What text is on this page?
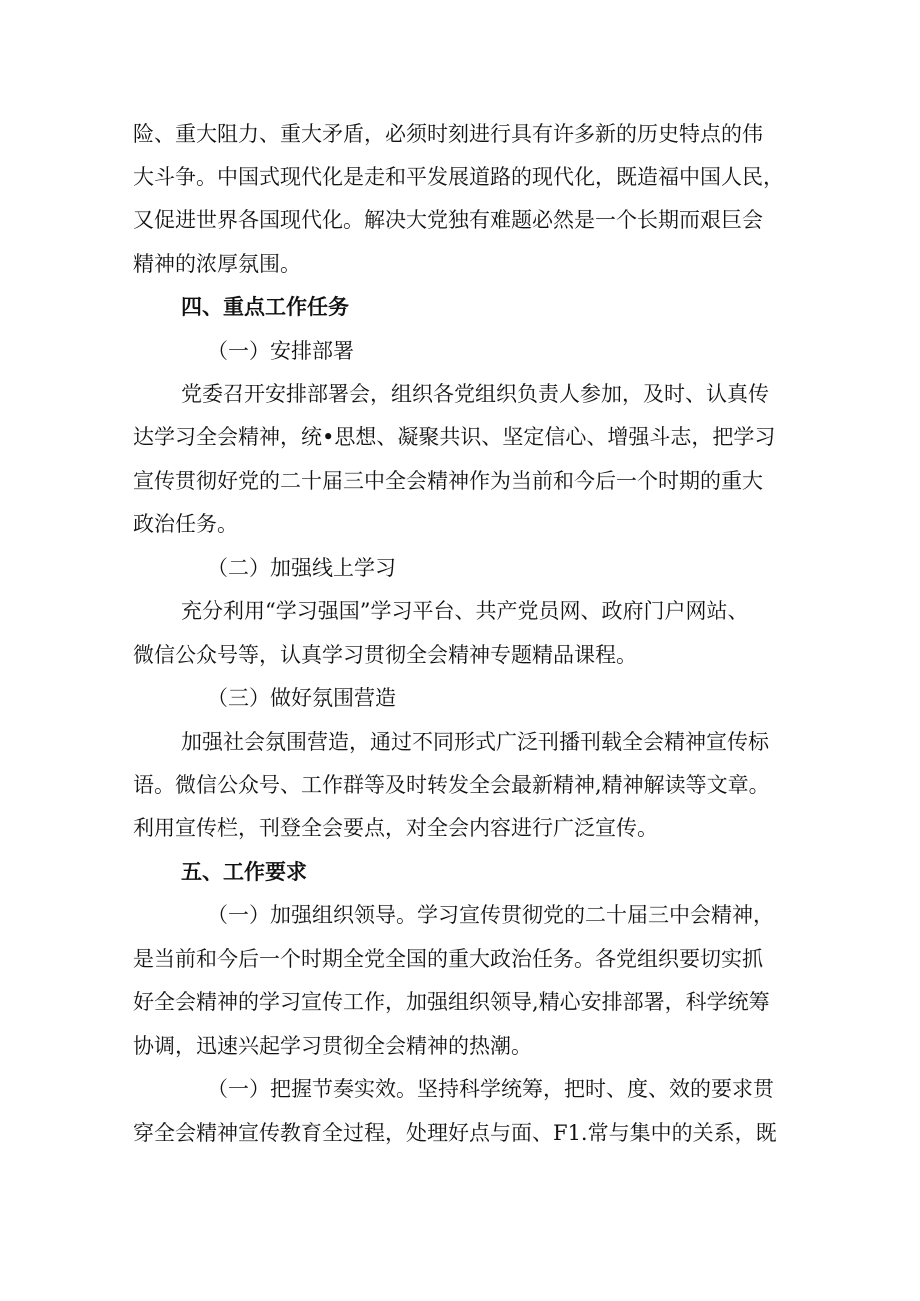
险、重大阻力、重大矛盾，必须时刻进行具有许多新的历史特点的伟
大斗争。中国式现代化是走和平发展道路的现代化，既造福中国人民，
又促进世界各国现代化。解决大党独有难题必然是一个长期而艰巨会
精神的浓厚氛围。
四、重点工作任务
（一）安排部署
党委召开安排部署会，组织各党组织负责人参加，及时、认真传
达学习全会精神，统•思想、凝聚共识、坚定信心、增强斗志，把学习
宣传贯彻好党的二十届三中全会精神作为当前和今后一个时期的重大
政治任务。
（二）加强线上学习
充分利用“学习强国”学习平台、共产党员网、政府门户网站、
微信公众号等，认真学习贯彻全会精神专题精品课程。
（三）做好氛围营造
加强社会氛围营造，通过不同形式广泛刊播刊载全会精神宣传标
语。微信公众号、工作群等及时转发全会最新精神,精神解读等文章。
利用宣传栏，刊登全会要点，对全会内容进行广泛宣传。
五、工作要求
（一）加强组织领导。学习宣传贯彻党的二十届三中会精神，
是当前和今后一个时期全党全国的重大政治任务。各党组织要切实抓
好全会精神的学习宣传工作，加强组织领导,精心安排部署，科学统筹
协调，迅速兴起学习贯彻全会精神的热潮。
（一）把握节奏实效。坚持科学统筹，把时、度、效的要求贯
穿全会精神宣传教育全过程，处理好点与面、F1.常与集中的关系，既
